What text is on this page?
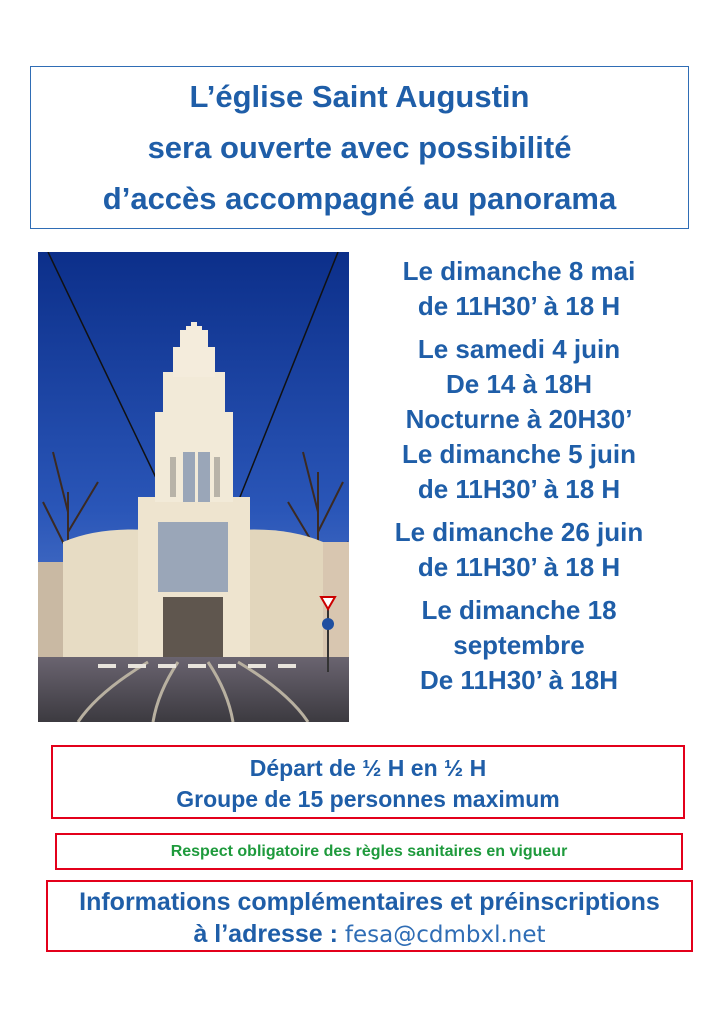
L’église Saint Augustin
sera ouverte avec possibilité
d’accès accompagné au panorama
Le dimanche 8 mai
de 11H30’ à 18 H
Le samedi 4 juin
De 14 à 18H
Nocturne à 20H30’
Le dimanche 5 juin
de 11H30’ à 18 H
Le dimanche 26 juin
de 11H30’ à 18 H
Le dimanche 18
septembre
De 11H30’ à 18H
Départ de ½ H en ½ H
Groupe de 15 personnes maximum
Respect obligatoire des règles sanitaires en vigueur
Informations complémentaires et préinscriptions
à l’adresse : fesa@cdmbxl.net
